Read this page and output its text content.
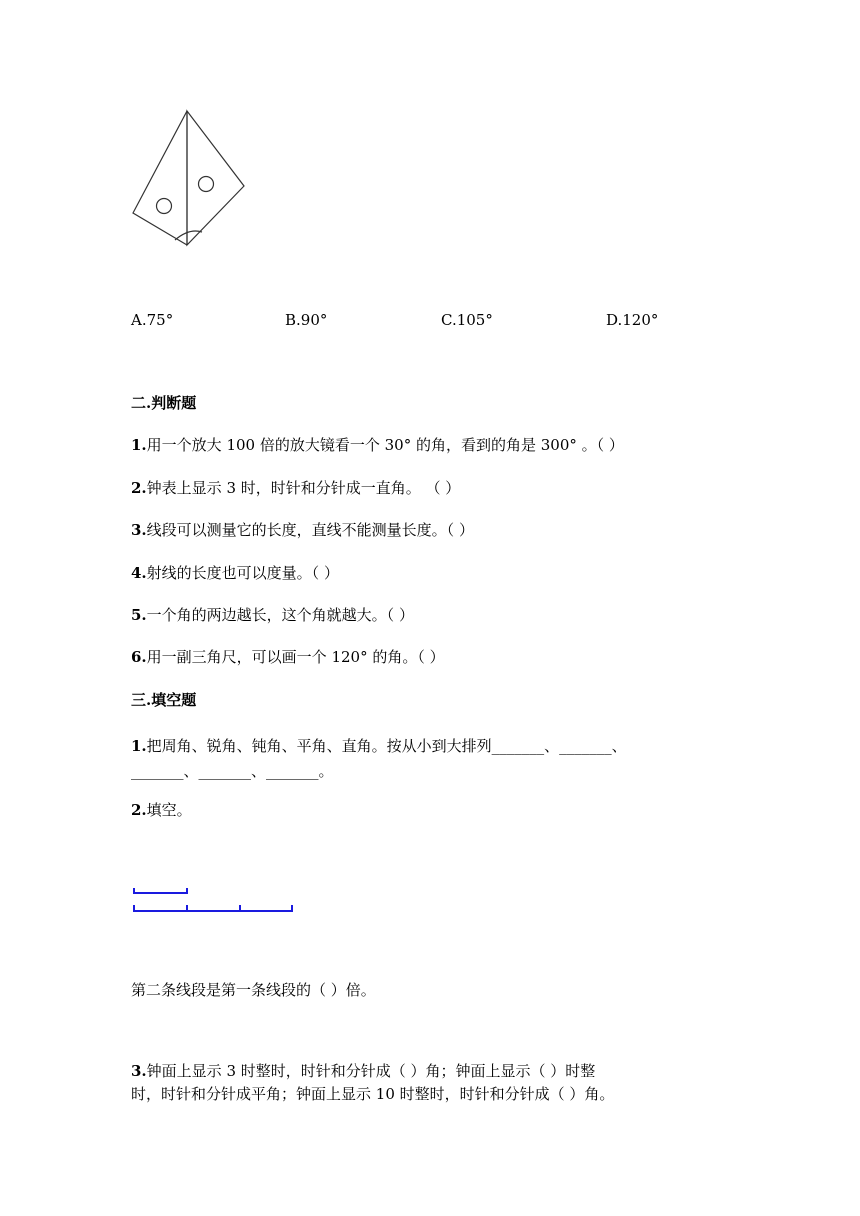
A.75°	B.90°	C.105°	D.120°
二.判断题
1.用一个放大 100 倍的放大镜看一个 30° 的角，看到的角是 300° 。（ ）
2.钟表上显示 3 时，时针和分针成一直角。 （ ）
3.线段可以测量它的长度，直线不能测量长度。（ ）
4.射线的长度也可以度量。（ ）
5.一个角的两边越长，这个角就越大。（ ）
6.用一副三角尺，可以画一个 120° 的角。（ ）
三.填空题
1.把周角、锐角、钝角、平角、直角。按从小到大排列_______、_______、
_______、_______、_______。
2.填空。
第二条线段是第一条线段的（ ）倍。
3.钟面上显示 3 时整时，时针和分针成（ ）角；钟面上显示（ ）时整
时，时针和分针成平角；钟面上显示 10 时整时，时针和分针成（ ）角。
